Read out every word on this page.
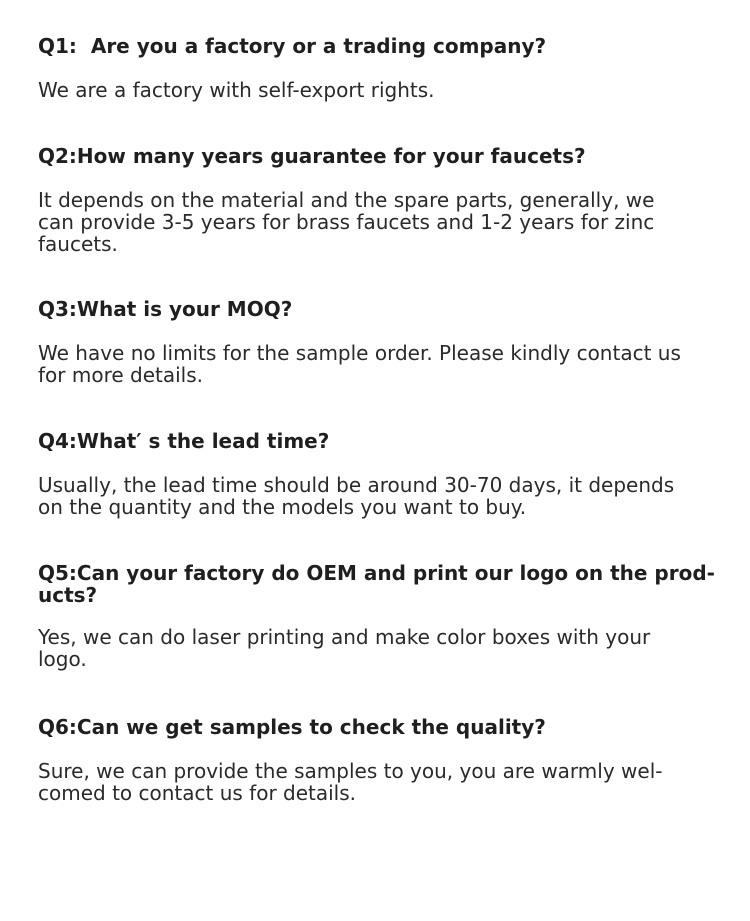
Q1:  Are you a factory or a trading company?

We are a factory with self-export rights.

Q2:How many years guarantee for your faucets?

It depends on the material and the spare parts, generally, we
can provide 3-5 years for brass faucets and 1-2 years for zinc
faucets.

Q3:What is your MOQ?

We have no limits for the sample order. Please kindly contact us
for more details.

Q4:What′ s the lead time?

Usually, the lead time should be around 30-70 days, it depends
on the quantity and the models you want to buy.

Q5:Can your factory do OEM and print our logo on the prod-
ucts?

Yes, we can do laser printing and make color boxes with your
logo.

Q6:Can we get samples to check the quality?

Sure, we can provide the samples to you, you are warmly wel-
comed to contact us for details.
